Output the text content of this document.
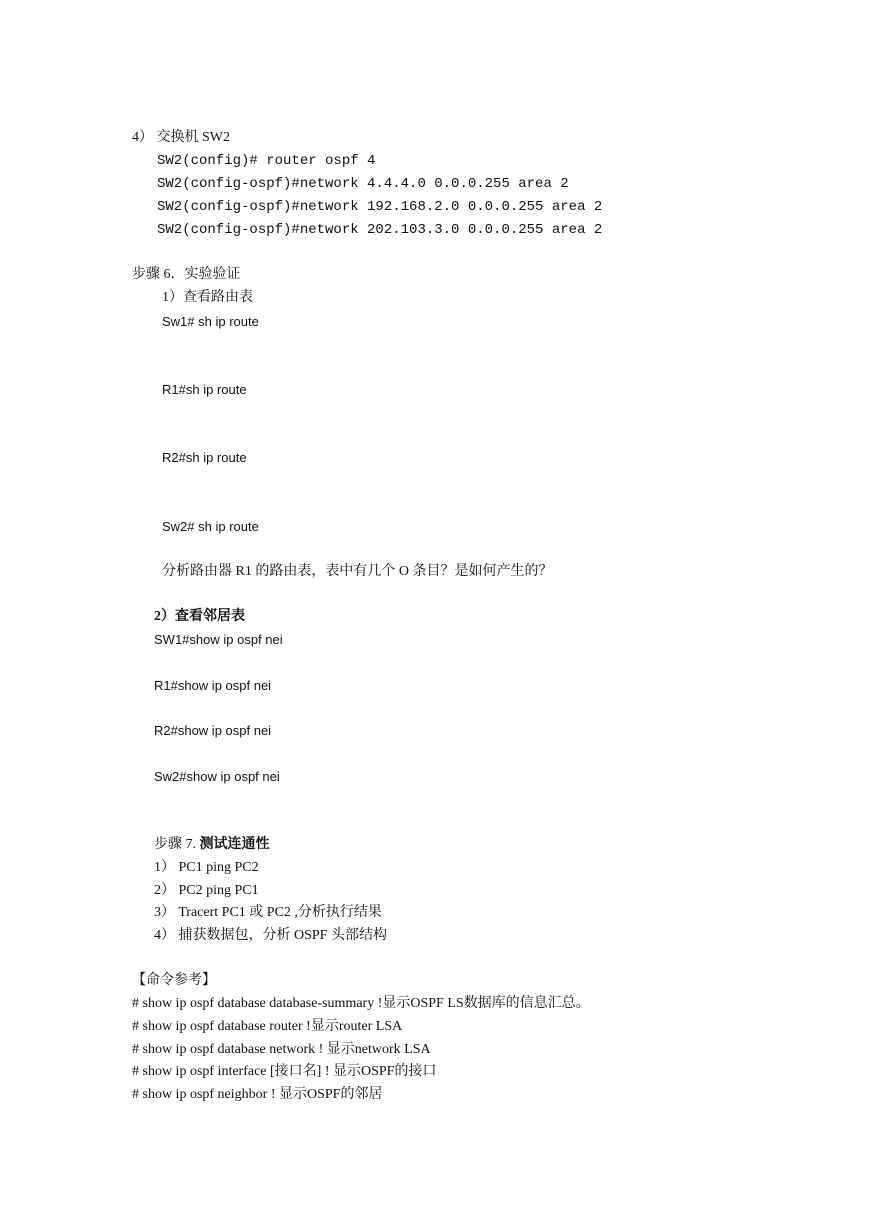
4） 交换机 SW2
SW2(config)# router ospf 4
SW2(config-ospf)#network 4.4.4.0 0.0.0.255 area 2
SW2(config-ospf)#network 192.168.2.0 0.0.0.255 area 2
SW2(config-ospf)#network 202.103.3.0 0.0.0.255 area 2
步骤 6．实验验证
1）查看路由表
Sw1# sh ip route
R1#sh ip route
R2#sh ip route
Sw2# sh ip route
分析路由器 R1 的路由表，表中有几个 O 条目？是如何产生的？
2）查看邻居表
SW1#show ip ospf nei
R1#show ip ospf nei
R2#show ip ospf nei
Sw2#show ip ospf nei
步骤 7. 测试连通性
1） PC1 ping PC2
2） PC2 ping PC1
3） Tracert PC1 或 PC2 ,分析执行结果
4） 捕获数据包，分析 OSPF 头部结构
【命令参考】
# show ip ospf database database-summary !显示OSPF LS数据库的信息汇总。
# show ip ospf database router !显示router LSA
# show ip ospf database network ! 显示network LSA
# show ip ospf interface [接口名] ! 显示OSPF的接口
# show ip ospf neighbor ! 显示OSPF的邻居
